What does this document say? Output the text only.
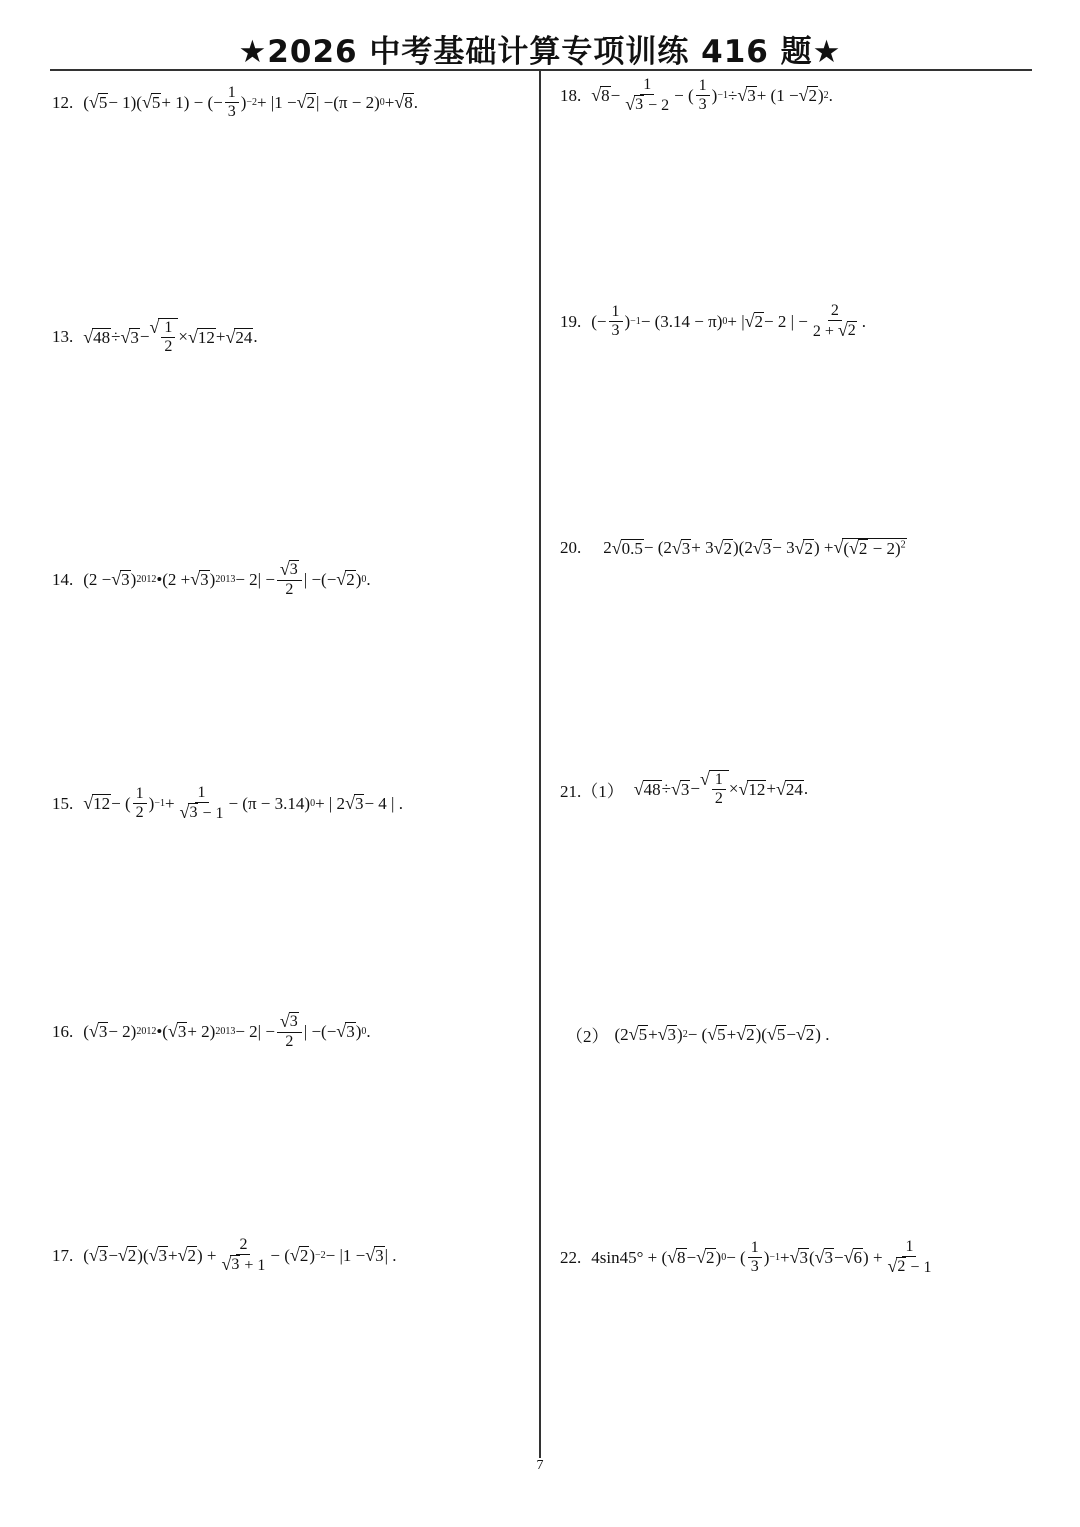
★2026 中考基础计算专项训练 416 题★
12. ( √ 5 − 1)( √ 5 + 1) − (− $\frac{1}{3}$ ) −2 + |1 − √ 2 | −(π − 2) 0 + √ 8 .
13. √ 48 ÷ √ 3 − √ $\frac{1}{2}$ × √ 12 + √ 24 .
14. (2 − √ 3 ) 2012 •(2 + √ 3 ) $2013 - 2| - \frac{√ 3}{2}$ | −(− √ 2 ) 0 .
15. √ 12 − ( $\frac{1}{2}$ ) $-1 + \frac{1}{√ 3 - 1} - (\pi - 3.14) 0$ + | 2 √ 3 − 4 | .
16. ( √ 3 − 2) 2012 •( √ 3 + 2) $2013 - 2| - \frac{√ 3}{2}$ | −(− √ 3 ) 0 .
17. ( √ 3 − √ 2 )( √ 3 + √ 2 ) + $\frac{2}{√ 3 + 1}$ − ( √ 2 ) −2 − |1 − √ 3 | .
18. √ $8 - \frac{1}{√ 3 - 2}$ − ( $\frac{1}{3}$ ) −1 ÷ √ 3 + (1 − √ 2 ) 2 .
19. (− $\frac{1}{3}$ ) −1 − (3.14 − π) 0 + | √ 2 − 2 | − $\frac{2}{2 + √ 2}$ .
20. 2 √ 0.5 − (2 √ 3 + 3 √ 2 )(2 √ 3 − 3 √ 2 ) + √ ( √ 2 − 2)$^2$
21.（1） √ 48 ÷ √ 3 − √ $\frac{1}{2}$ × √ 12 + √ 24 .
（2） (2 √ 5 + √ 3 ) 2 − ( √ 5 + √ 2 )( √ 5 − √ 2 ) .
22. 4sin45° + ( √ 8 − √ 2 ) 0 − ( $\frac{1}{3}$ ) −1 + √ 3 ( √ 3 − √ 6 ) + $\frac{1}{√ 2 - 1}$
7
